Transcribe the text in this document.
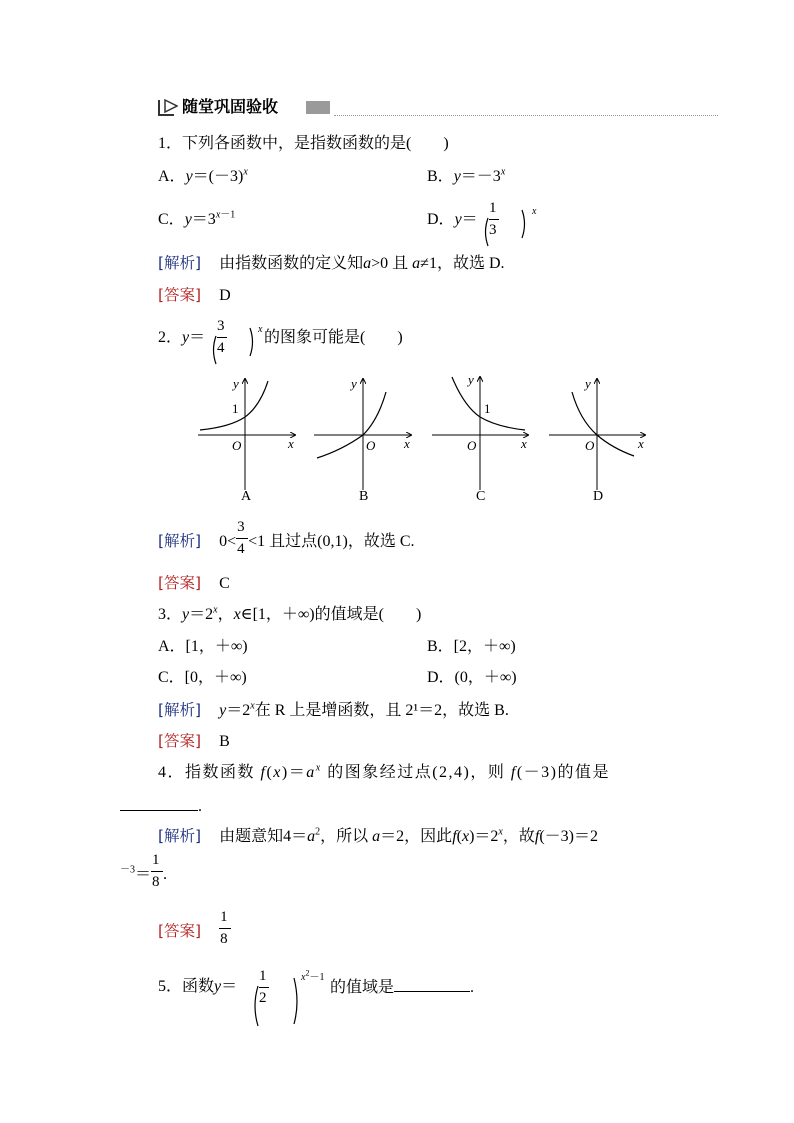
随堂巩固验收
1．下列各函数中，是指数函数的是(　　)
A．$y=(-3)^x$	B．$y=-3^x$
C．$y=3^{x-1}$	D．y＝
1
3
x
[解析] 由指数函数的定义知a>0 且 a≠1，故选 D.
[答案] D
2．y＝
3
4
x 的图象可能是(　　)
y
1
O	x
A
y
O x
B
y
1
O	x
C
y
O	x
D
[解析] $0< \frac{3}{4} <1$ 且过点(0,1)，故选 C.
[答案] C
3．$y=2^x$，x∈[1，＋∞)的值域是(　　)
A．[1，＋∞)	B．[2，＋∞)
C．[0，＋∞)	D．(0，＋∞)
[解析] $y=2^x$在 R 上是增函数，且 2¹＝2，故选 B.
[答案] B
4．指数函数 $f(x)=a^x$ 的图象经过点(2,4)，则 f(－3)的值是
.
[解析] 由题意知$4=a^2$，所以 a＝2，因此$f(x)=2^x$，故f(－3)＝2
$^{-3}= \frac{1}{8}$ .
[答案] $\frac{1}{8}$
5．函数y＝
1
2
$x^2-1$
的值域是	.
